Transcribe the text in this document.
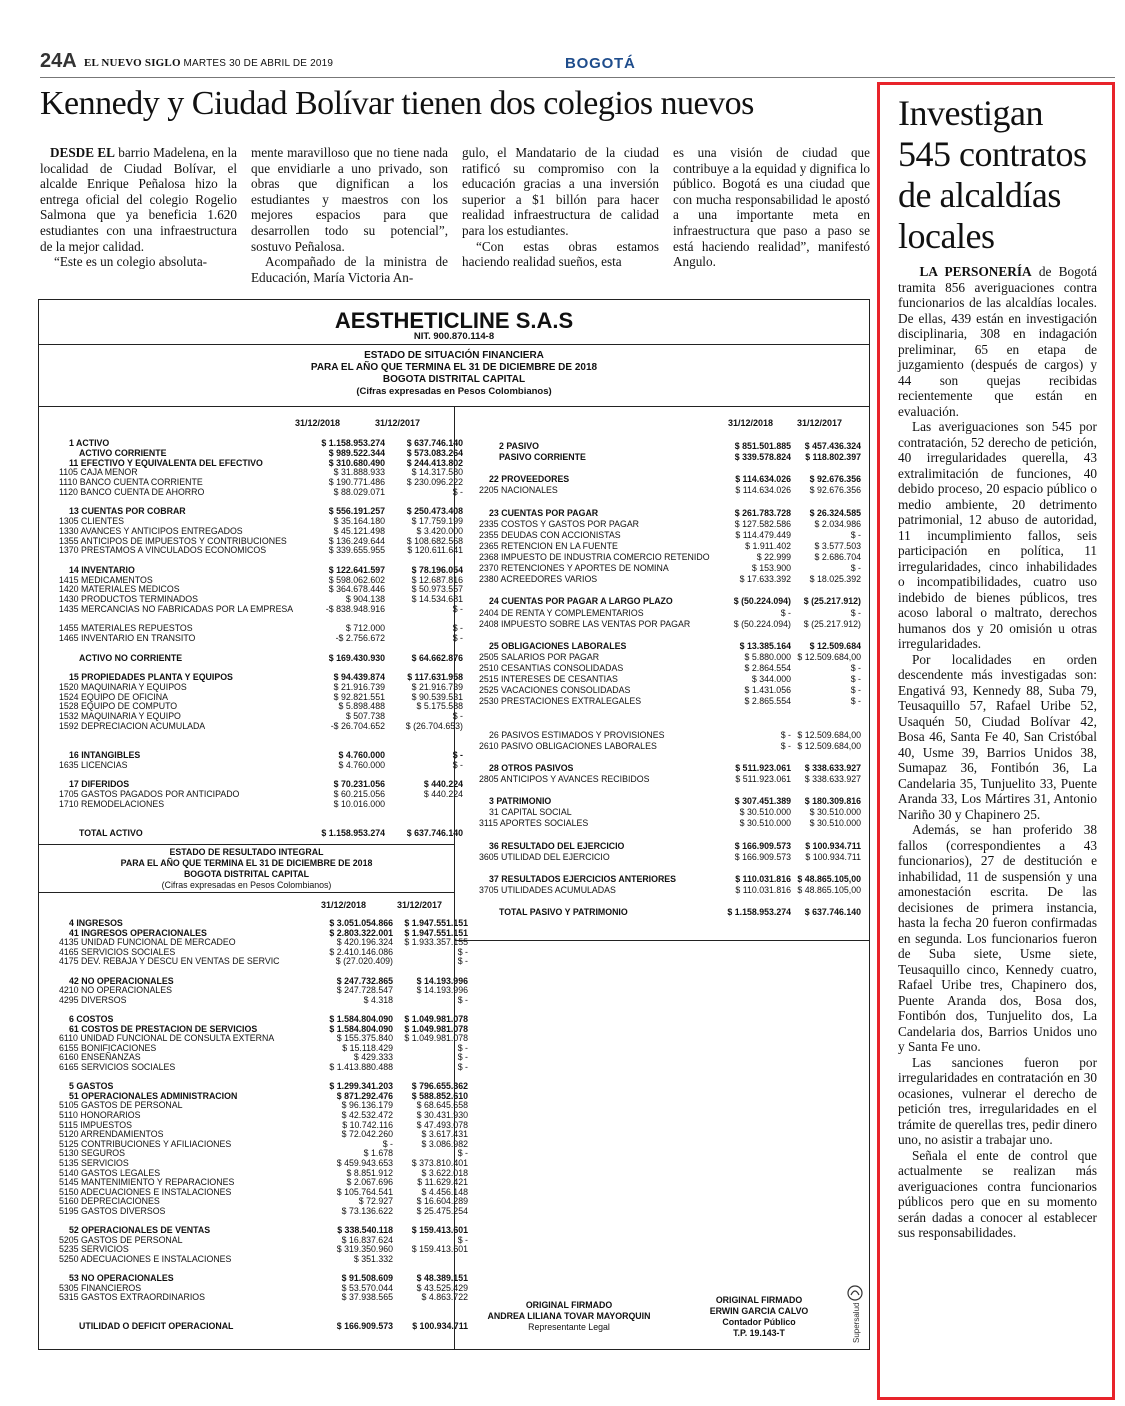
24A EL NUEVO SIGLO MARTES 30 DE ABRIL DE 2019	BOGOTÁ
Kennedy y Ciudad Bolívar tienen dos colegios nuevos

DESDE EL barrio Madelena, en la localidad de Ciudad Bolívar, el alcalde Enrique Peñalosa hizo la entrega oficial del colegio Rogelio Salmona que ya beneficia 1.620 estudiantes con una infraestructura de la mejor calidad.

“Este es un colegio absoluta-

mente maravilloso que no tiene nada que envidiarle a uno privado, son obras que dignifican a los estudiantes y maestros con los mejores espacios para que desarrollen todo su potencial”, sostuvo Peñalosa.

Acompañado de la ministra de Educación, María Victoria An-

gulo, el Mandatario de la ciudad ratificó su compromiso con la educación gracias a una inversión superior a $1 billón para hacer realidad infraestructura de calidad para los estudiantes.

“Con estas obras estamos haciendo realidad sueños, esta

es una visión de ciudad que contribuye a la equidad y dignifica lo público. Bogotá es una ciudad que con mucha responsabilidad le apostó a una importante meta en infraestructura que paso a paso se está haciendo realidad”, manifestó Angulo.

AESTHETICLINE S.A.S
NIT. 900.870.114-8
ESTADO DE SITUACIÓN FINANCIERA
PARA EL AÑO QUE TERMINA EL 31 DE DICIEMBRE DE 2018
BOGOTA DISTRITAL CAPITAL
(Cifras expresadas en Pesos Colombianos)
31/12/2018	31/12/2017	31/12/2018	31/12/2017
1 ACTIVO	$ 1.158.953.274	$ 637.746.140
ACTIVO CORRIENTE	$ 989.522.344	$ 573.083.264
11 EFECTIVO Y EQUIVALENTA DEL EFECTIVO	$ 310.680.490	$ 244.413.802
1105 CAJA MENOR	$ 31.888.933	$ 14.317.580
1110 BANCO CUENTA CORRIENTE	$ 190.771.486	$ 230.096.222
1120 BANCO CUENTA DE AHORRO	$ 88.029.071	$ -
13 CUENTAS POR COBRAR	$ 556.191.257	$ 250.473.408
1305 CLIENTES	$ 35.164.180	$ 17.759.199
1330 AVANCES Y ANTICIPOS ENTREGADOS	$ 45.121.498	$ 3.420.000
1355 ANTICIPOS DE IMPUESTOS Y CONTRIBUCIONES	$ 136.249.644	$ 108.682.568
1370 PRESTAMOS A VINCULADOS ECONOMICOS	$ 339.655.955	$ 120.611.641
14 INVENTARIO	$ 122.641.597	$ 78.196.054
1415 MEDICAMENTOS	$ 598.062.602	$ 12.687.816
1420 MATERIALES MEDICOS	$ 364.678.446	$ 50.973.557
1430 PRODUCTOS TERMINADOS	$ 904.138	$ 14.534.681
1435 MERCANCIAS NO FABRICADAS POR LA EMPRESA	-$ 838.948.916	$ -
1455 MATERIALES REPUESTOS	$ 712.000	$ -
1465 INVENTARIO EN TRANSITO	-$ 2.756.672	$ -
ACTIVO NO CORRIENTE	$ 169.430.930	$ 64.662.876
15 PROPIEDADES PLANTA Y EQUIPOS	$ 94.439.874	$ 117.631.958
1520 MAQUINARIA Y EQUIPOS	$ 21.916.739	$ 21.916.739
1524 EQUIPO DE OFICINA	$ 92.821.551	$ 90.539.531
1528 EQUIPO DE COMPUTO	$ 5.898.488	$ 5.175.588
1532 MAQUINARIA Y EQUIPO	$ 507.738	$ -
1592 DEPRECIACION ACUMULADA	-$ 26.704.652	$ (26.704.653)
16 INTANGIBLES	$ 4.760.000	$ -
1635 LICENCIAS	$ 4.760.000	$ -
17 DIFERIDOS	$ 70.231.056	$ 440.224
1705 GASTOS PAGADOS POR ANTICIPADO	$ 60.215.056	$ 440.224
1710 REMODELACIONES	$ 10.016.000
TOTAL ACTIVO	$ 1.158.953.274	$ 637.746.140
2 PASIVO	$ 851.501.885	$ 457.436.324
PASIVO CORRIENTE	$ 339.578.824	$ 118.802.397
22 PROVEEDORES	$ 114.634.026	$ 92.676.356
2205 NACIONALES	$ 114.634.026	$ 92.676.356
23 CUENTAS POR PAGAR	$ 261.783.728	$ 26.324.585
2335 COSTOS Y GASTOS POR PAGAR	$ 127.582.586	$ 2.034.986
2355 DEUDAS CON ACCIONISTAS	$ 114.479.449	$ -
2365 RETENCION EN LA FUENTE	$ 1.911.402	$ 3.577.503
2368 IMPUESTO DE INDUSTRIA COMERCIO RETENIDO	$ 22.999	$ 2.686.704
2370 RETENCIONES Y APORTES DE NOMINA	$ 153.900	$ -
2380 ACREEDORES VARIOS	$ 17.633.392	$ 18.025.392
24 CUENTAS POR PAGAR A LARGO PLAZO	$ (50.224.094)	$ (25.217.912)
2404 DE RENTA Y COMPLEMENTARIOS	$ -	$ -
2408 IMPUESTO SOBRE LAS VENTAS POR PAGAR	$ (50.224.094)	$ (25.217.912)
25 OBLIGACIONES LABORALES	$ 13.385.164	$ 12.509.684
2505 SALARIOS POR PAGAR	$ 5.880.000 $ 12.509.684,00
2510 CESANTIAS CONSOLIDADAS	$ 2.864.554	$ -
2515 INTERESES DE CESANTIAS	$ 344.000	$ -
2525 VACACIONES CONSOLIDADAS	$ 1.431.056	$ -
2530 PRESTACIONES EXTRALEGALES	$ 2.865.554	$ -
26 PASIVOS ESTIMADOS Y PROVISIONES	$ - $ 12.509.684,00
2610 PASIVO OBLIGACIONES LABORALES	$ - $ 12.509.684,00
28 OTROS PASIVOS	$ 511.923.061	$ 338.633.927
2805 ANTICIPOS Y AVANCES RECIBIDOS	$ 511.923.061	$ 338.633.927
3 PATRIMONIO	$ 307.451.389	$ 180.309.816
31 CAPITAL SOCIAL	$ 30.510.000	$ 30.510.000
3115 APORTES SOCIALES	$ 30.510.000	$ 30.510.000
36 RESULTADO DEL EJERCICIO	$ 166.909.573	$ 100.934.711
3605 UTILIDAD DEL EJERCICIO	$ 166.909.573	$ 100.934.711
37 RESULTADOS EJERCICIOS ANTERIORES	$ 110.031.816 $ 48.865.105,00
3705 UTILIDADES ACUMULADAS	$ 110.031.816 $ 48.865.105,00
TOTAL PASIVO Y PATRIMONIO	$ 1.158.953.274	$ 637.746.140
ESTADO DE RESULTADO INTEGRAL
PARA EL AÑO QUE TERMINA EL 31 DE DICIEMBRE DE 2018
BOGOTA DISTRITAL CAPITAL
(Cifras expresadas en Pesos Colombianos)
31/12/2018	31/12/2017
4 INGRESOS	$ 3.051.054.866	$ 1.947.551.151
41 INGRESOS OPERACIONALES	$ 2.803.322.001	$ 1.947.551.151
4135 UNIDAD FUNCIONAL DE MERCADEO	$ 420.196.324	$ 1.933.357.155
4165 SERVICIOS SOCIALES	$ 2.410.146.086	$ -
4175 DEV. REBAJA Y DESCU EN VENTAS DE SERVIC	$ (27.020.409)	$ -
42 NO OPERACIONALES	$ 247.732.865	$ 14.193.996
4210 NO OPERACIONALES	$ 247.728.547	$ 14.193.996
4295 DIVERSOS	$ 4.318	$ -
6 COSTOS	$ 1.584.804.090	$ 1.049.981.078
61 COSTOS DE PRESTACION DE SERVICIOS	$ 1.584.804.090	$ 1.049.981.078
6110 UNIDAD FUNCIONAL DE CONSULTA EXTERNA	$ 155.375.840	$ 1.049.981.078
6155 BONIFICACIONES	$ 15.118.429	$ -
6160 ENSEÑANZAS	$ 429.333	$ -
6165 SERVICIOS SOCIALES	$ 1.413.880.488	$ -
5 GASTOS	$ 1.299.341.203	$ 796.655.362
51 OPERACIONALES ADMINISTRACION	$ 871.292.476	$ 588.852.610
5105 GASTOS DE PERSONAL	$ 96.136.179	$ 68.645.658
5110 HONORARIOS	$ 42.532.472	$ 30.431.930
5115 IMPUESTOS	$ 10.742.116	$ 47.493.078
5120 ARRENDAMIENTOS	$ 72.042.260	$ 3.617.431
5125 CONTRIBUCIONES Y AFILIACIONES	$ -	$ 3.086.982
5130 SEGUROS	$ 1.678	$ -
5135 SERVICIOS	$ 459.943.653	$ 373.810.401
5140 GASTOS LEGALES	$ 8.851.912	$ 3.622.018
5145 MANTENIMIENTO Y REPARACIONES	$ 2.067.696	$ 11.629.421
5150 ADECUACIONES E INSTALACIONES	$ 105.764.541	$ 4.456.148
5160 DEPRECIACIONES	$ 72.927	$ 16.604.289
5195 GASTOS DIVERSOS	$ 73.136.622	$ 25.475.254
52 OPERACIONALES DE VENTAS	$ 338.540.118	$ 159.413.601
5205 GASTOS DE PERSONAL	$ 16.837.624	$ -
5235 SERVICIOS	$ 319.350.960	$ 159.413.601
5250 ADECUACIONES E INSTALACIONES	$ 351.332
53 NO OPERACIONALES	$ 91.508.609	$ 48.389.151
5305 FINANCIEROS	$ 53.570.044	$ 43.525.429
5315 GASTOS EXTRAORDINARIOS	$ 37.938.565	$ 4.863.722
UTILIDAD O DEFICIT OPERACIONAL	$ 166.909.573	$ 100.934.711
ORIGINAL FIRMADO
ANDREA LILIANA TOVAR MAYORQUIN
Representante Legal
ORIGINAL FIRMADO
ERWIN GARCIA CALVO
Contador Público
T.P. 19.143-T	Supersalud
Investigan 545 contratos de alcaldías locales

LA PERSONERÍA de Bogotá tramita 856 averiguaciones contra funcionarios de las alcaldías locales. De ellas, 439 están en investigación disciplinaria, 308 en indagación preliminar, 65 en etapa de juzgamiento (después de cargos) y 44 son quejas recibidas recientemente que están en evaluación.

Las averiguaciones son 545 por contratación, 52 derecho de petición, 40 irregularidades querella, 43 extralimitación de funciones, 40 debido proceso, 20 espacio público o medio ambiente, 20 detrimento patrimonial, 12 abuso de autoridad, 11 incumplimiento fallos, seis participación en política, 11 irregularidades, cinco inhabilidades o incompatibilidades, cuatro uso indebido de bienes públicos, tres acoso laboral o maltrato, derechos humanos dos y 20 omisión u otras irregularidades.

Por localidades en orden descendente más investigadas son: Engativá 93, Kennedy 88, Suba 79, Teusaquillo 57, Rafael Uribe 52, Usaquén 50, Ciudad Bolívar 42, Bosa 46, Santa Fe 40, San Cristóbal 40, Usme 39, Barrios Unidos 38, Sumapaz 36, Fontibón 36, La Candelaria 35, Tunjuelito 33, Puente Aranda 33, Los Mártires 31, Antonio Nariño 30 y Chapinero 25.

Además, se han proferido 38 fallos (correspondientes a 43 funcionarios), 27 de destitución e inhabilidad, 11 de suspensión y una amonestación escrita. De las decisiones de primera instancia, hasta la fecha 20 fueron confirmadas en segunda. Los funcionarios fueron de Suba siete, Usme siete, Teusaquillo cinco, Kennedy cuatro, Rafael Uribe tres, Chapinero dos, Puente Aranda dos, Bosa dos, Fontibón dos, Tunjuelito dos, La Candelaria dos, Barrios Unidos uno y Santa Fe uno.

Las sanciones fueron por irregularidades en contratación en 30 ocasiones, vulnerar el derecho de petición tres, irregularidades en el trámite de querellas tres, pedir dinero uno, no asistir a trabajar uno.

Señala el ente de control que actualmente se realizan más averiguaciones contra funcionarios públicos pero que en su momento serán dadas a conocer al establecer sus responsabilidades.
